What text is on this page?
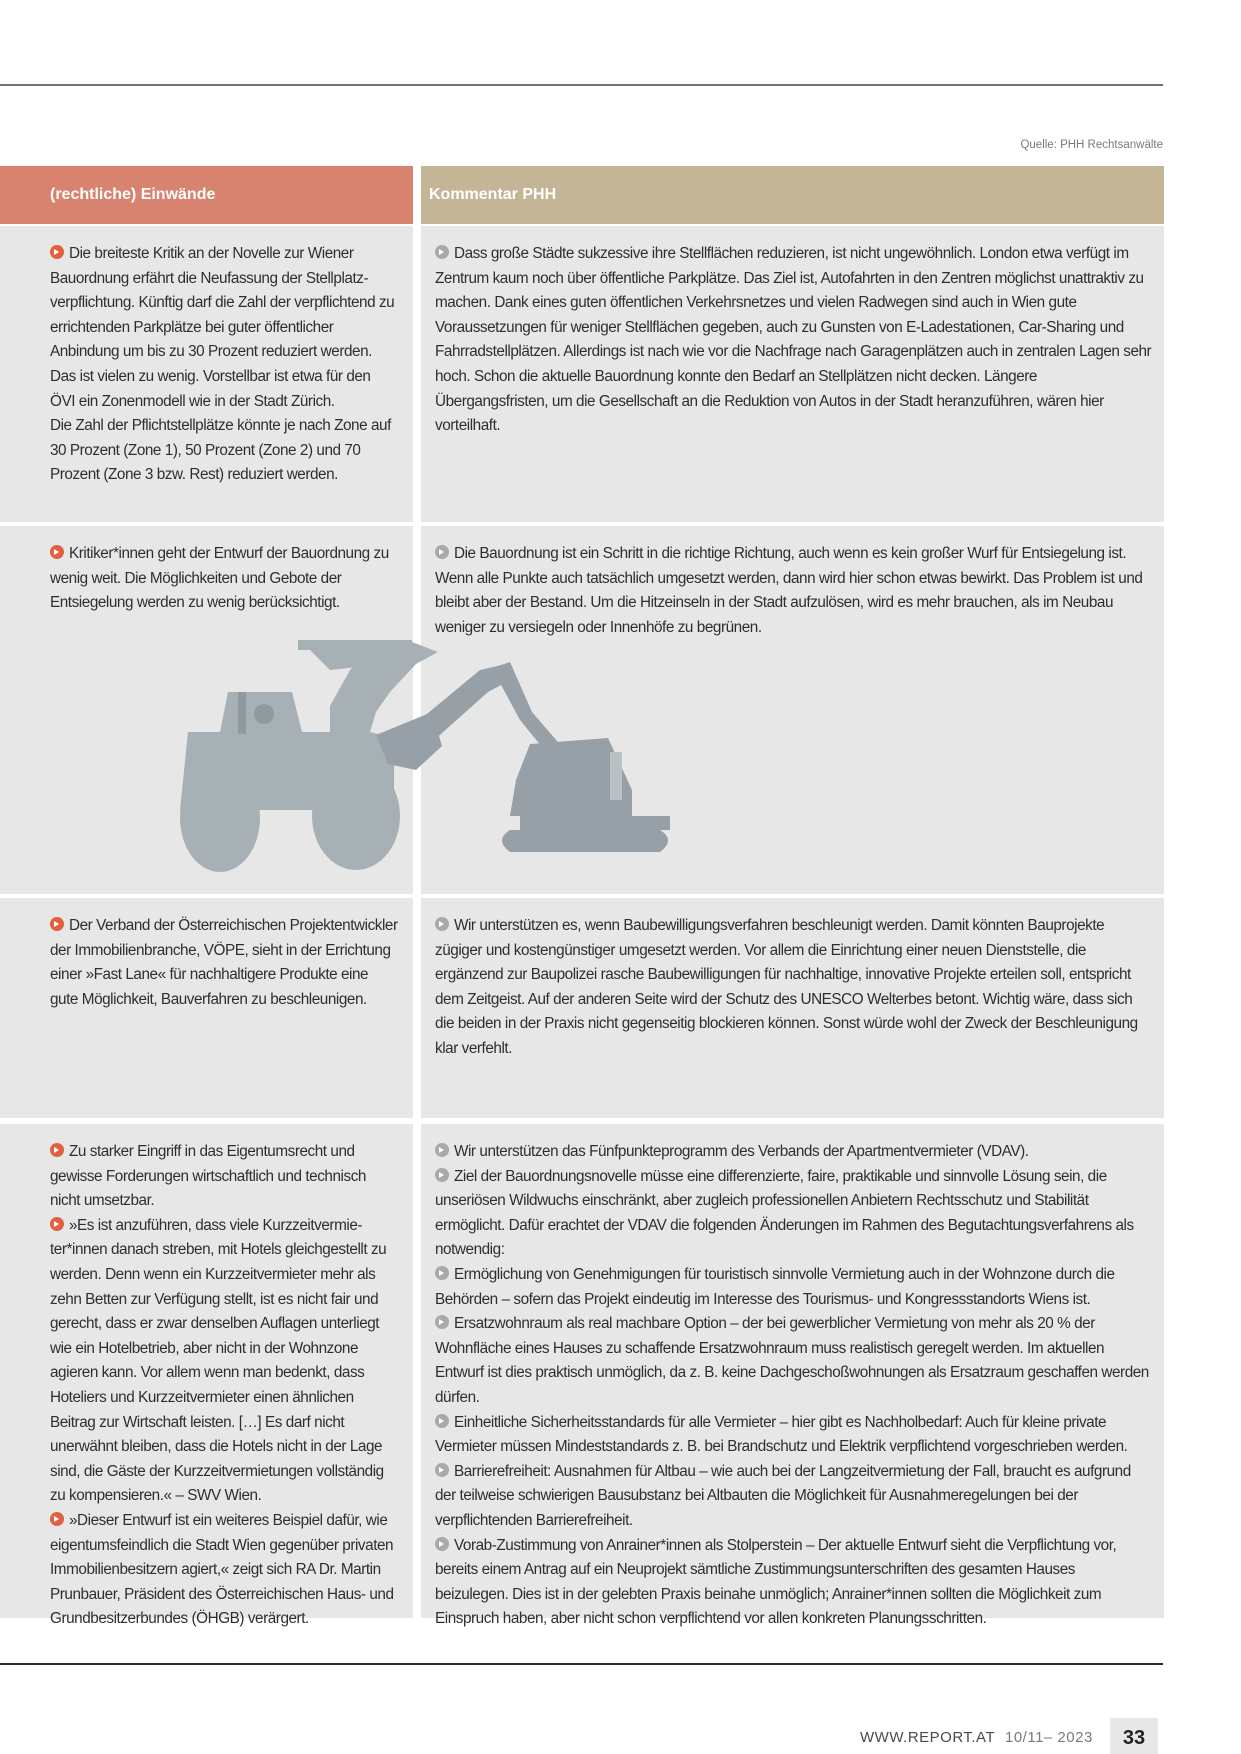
Quelle: PHH Rechtsanwälte
(rechtliche) Einwände	Kommentar PHH

Die breiteste Kritik an der Novelle zur Wiener Bauordnung erfährt die Neufassung der Stellplatzverpflichtung. Künftig darf die Zahl der verpflichtend zu errichtenden Parkplätze bei guter öffentlicher Anbindung um bis zu 30 Prozent reduziert werden. Das ist vielen zu wenig. Vorstellbar ist etwa für den ÖVI ein Zonenmodell wie in der Stadt Zürich.

Die Zahl der Pflichtstellplätze könnte je nach Zone auf 30 Prozent (Zone 1), 50 Prozent (Zone 2) und 70 Prozent (Zone 3 bzw. Rest) reduziert werden.

Dass große Städte sukzessive ihre Stellflächen reduzieren, ist nicht ungewöhnlich. London etwa verfügt im Zentrum kaum noch über öffentliche Parkplätze. Das Ziel ist, Autofahrten in den Zentren möglichst unattraktiv zu machen. Dank eines guten öffentlichen Verkehrsnetzes und vielen Radwegen sind auch in Wien gute Voraussetzungen für weniger Stellflächen gegeben, auch zu Gunsten von E-Ladestationen, Car-Sharing und Fahrradstellplätzen. Allerdings ist nach wie vor die Nachfrage nach Garagenplätzen auch in zentralen Lagen sehr hoch. Schon die aktuelle Bauordnung konnte den Bedarf an Stellplätzen nicht decken. Längere Übergangsfristen, um die Gesellschaft an die Reduktion von Autos in der Stadt heranzuführen, wären hier vorteilhaft.

Kritiker*innen geht der Entwurf der Bauordnung zu wenig weit. Die Möglichkeiten und Gebote der Entsiegelung werden zu wenig berücksichtigt.

Die Bauordnung ist ein Schritt in die richtige Richtung, auch wenn es kein großer Wurf für Entsiegelung ist. Wenn alle Punkte auch tatsächlich umgesetzt werden, dann wird hier schon etwas bewirkt. Das Problem ist und bleibt aber der Bestand. Um die Hitzeinseln in der Stadt aufzulösen, wird es mehr brauchen, als im Neubau weniger zu versiegeln oder Innenhöfe zu begrünen.

Der Verband der Österreichischen Projektentwickler der Immobilienbranche, VÖPE, sieht in der Errichtung einer »Fast Lane« für nachhaltigere Produkte eine gute Möglichkeit, Bauverfahren zu beschleunigen.

Wir unterstützen es, wenn Baubewilligungsverfahren beschleunigt werden. Damit könnten Bauprojekte zügiger und kostengünstiger umgesetzt werden. Vor allem die Einrichtung einer neuen Dienststelle, die ergänzend zur Baupolizei rasche Baubewilligungen für nachhaltige, innovative Projekte erteilen soll, entspricht dem Zeitgeist. Auf der anderen Seite wird der Schutz des UNESCO Welterbes betont. Wichtig wäre, dass sich die beiden in der Praxis nicht gegenseitig blockieren können. Sonst würde wohl der Zweck der Beschleunigung klar verfehlt.

Zu starker Eingriff in das Eigentumsrecht und gewisse Forderungen wirtschaftlich und technisch nicht umsetzbar.

»Es ist anzuführen, dass viele Kurzzeitvermieter*innen danach streben, mit Hotels gleichgestellt zu werden. Denn wenn ein Kurzzeitvermieter mehr als zehn Betten zur Verfügung stellt, ist es nicht fair und gerecht, dass er zwar denselben Auflagen unterliegt wie ein Hotelbetrieb, aber nicht in der Wohnzone agieren kann. Vor allem wenn man bedenkt, dass Hoteliers und Kurzzeitvermieter einen ähnlichen Beitrag zur Wirtschaft leisten. […] Es darf nicht unerwähnt bleiben, dass die Hotels nicht in der Lage sind, die Gäste der Kurzzeitvermietungen vollständig zu kompensieren.« – SWV Wien.

»Dieser Entwurf ist ein weiteres Beispiel dafür, wie eigentumsfeindlich die Stadt Wien gegenüber privaten Immobilienbesitzern agiert,« zeigt sich RA Dr. Martin Prunbauer, Präsident des Österreichischen Haus- und Grundbesitzerbundes (ÖHGB) verärgert.

Wir unterstützen das Fünfpunkteprogramm des Verbands der Apartmentvermieter (VDAV).

Ziel der Bauordnungsnovelle müsse eine differenzierte, faire, praktikable und sinnvolle Lösung sein, die unseriösen Wildwuchs einschränkt, aber zugleich professionellen Anbietern Rechtsschutz und Stabilität ermöglicht. Dafür erachtet der VDAV die folgenden Änderungen im Rahmen des Begutachtungsverfahrens als notwendig:

Ermöglichung von Genehmigungen für touristisch sinnvolle Vermietung auch in der Wohnzone durch die Behörden – sofern das Projekt eindeutig im Interesse des Tourismus- und Kongressstandorts Wiens ist.

Ersatzwohnraum als real machbare Option – der bei gewerblicher Vermietung von mehr als 20 % der Wohnfläche eines Hauses zu schaffende Ersatzwohnraum muss realistisch geregelt werden. Im aktuellen Entwurf ist dies praktisch unmöglich, da z. B. keine Dachgeschoßwohnungen als Ersatzraum geschaffen werden dürfen.

Einheitliche Sicherheitsstandards für alle Vermieter – hier gibt es Nachholbedarf: Auch für kleine private Vermieter müssen Mindeststandards z. B. bei Brandschutz und Elektrik verpflichtend vorgeschrieben werden.

Barrierefreiheit: Ausnahmen für Altbau – wie auch bei der Langzeitvermietung der Fall, braucht es aufgrund der teilweise schwierigen Bausubstanz bei Altbauten die Möglichkeit für Ausnahmeregelungen bei der verpflichtenden Barrierefreiheit.

Vorab-Zustimmung von Anrainer*innen als Stolperstein – Der aktuelle Entwurf sieht die Verpflichtung vor, bereits einem Antrag auf ein Neuprojekt sämtliche Zustimmungsunterschriften des gesamten Hauses beizulegen. Dies ist in der gelebten Praxis beinahe unmöglich; Anrainer*innen sollten die Möglichkeit zum Einspruch haben, aber nicht schon verpflichtend vor allen konkreten Planungsschritten.

WWW.REPORT.AT 10/11– 2023	33
